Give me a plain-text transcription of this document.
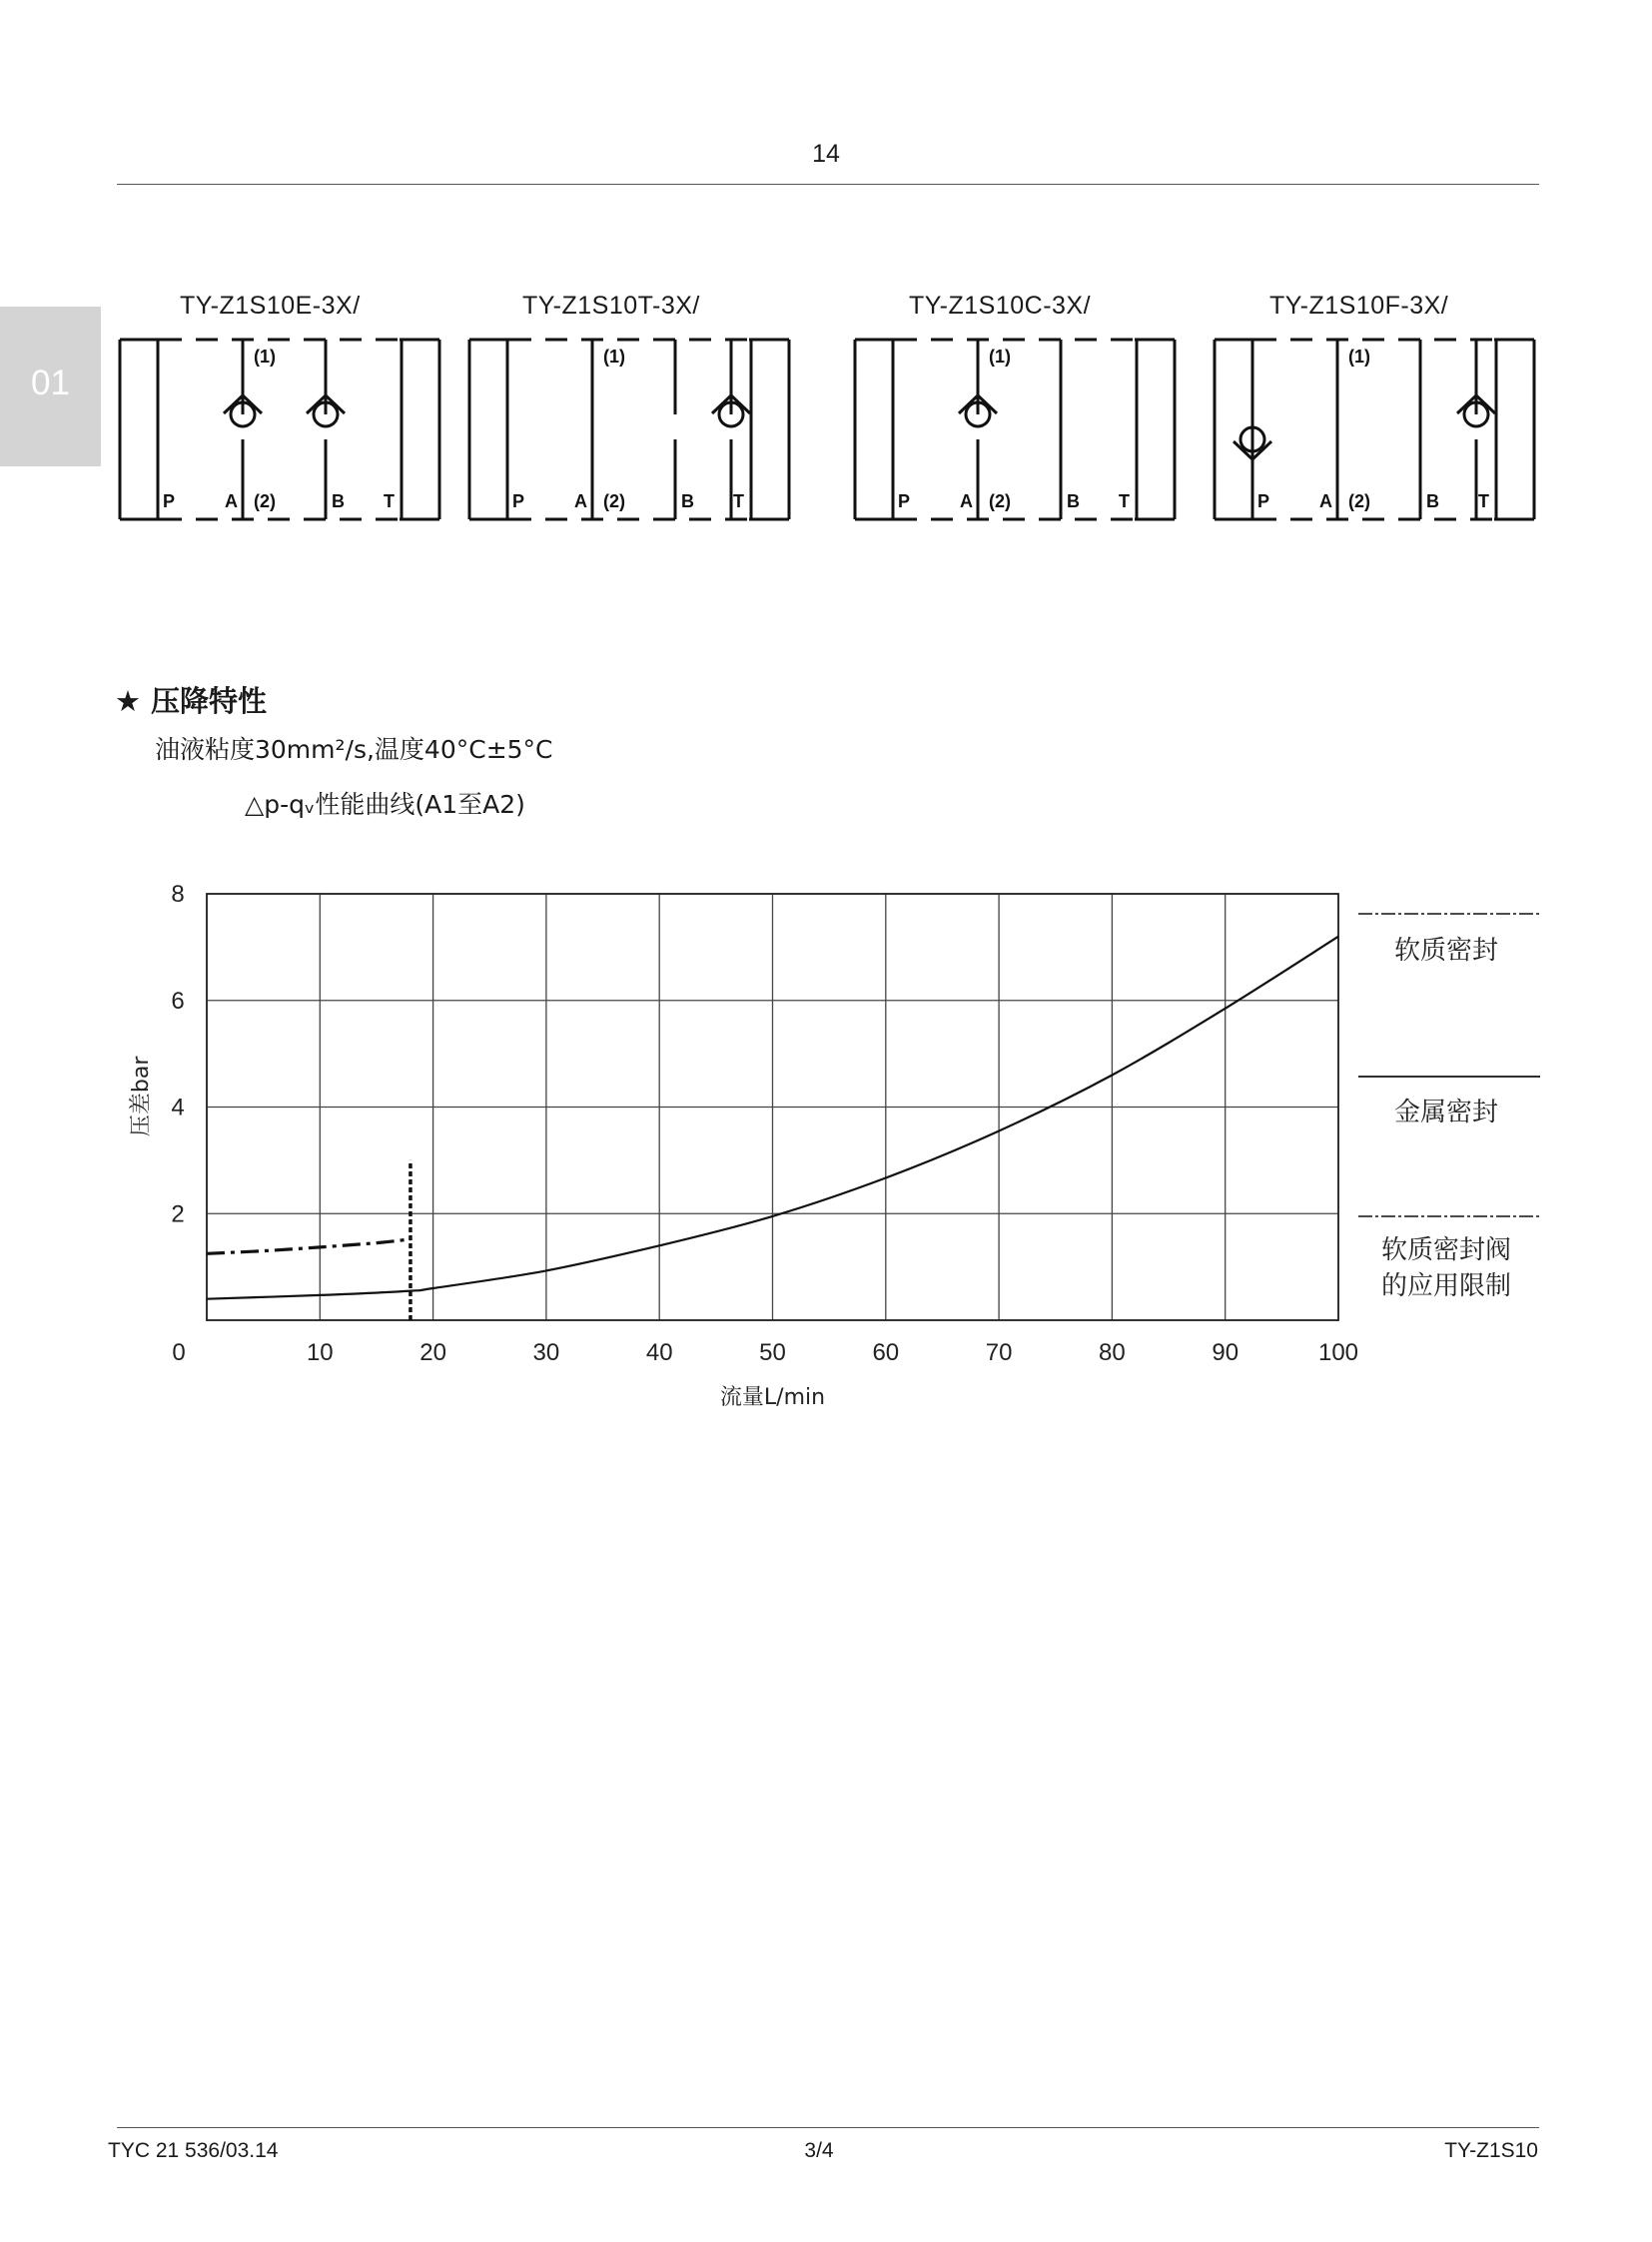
14
01
TY-Z1S10E-3X/	TY-Z1S10T-3X/	TY-Z1S10C-3X/	TY-Z1S10F-3X/
(1)
(2)
P	A	B T
(1)
(2)
P	A	B T
(1)
(2)
P	A	B T
(1)
(2)
P	A	B T
★ 压降特性
油液粘度30mm²/s,温度40°C±5°C
△p-qᵥ性能曲线(A1至A2)
0	10	20	30	40	50	60	70	80	90	100
2
4
6
8
软质密封
金属密封
软质密封阀
的应用限制
流量L/min
压差bar
TYC 21 536/03.14	3/4	TY-Z1S10
